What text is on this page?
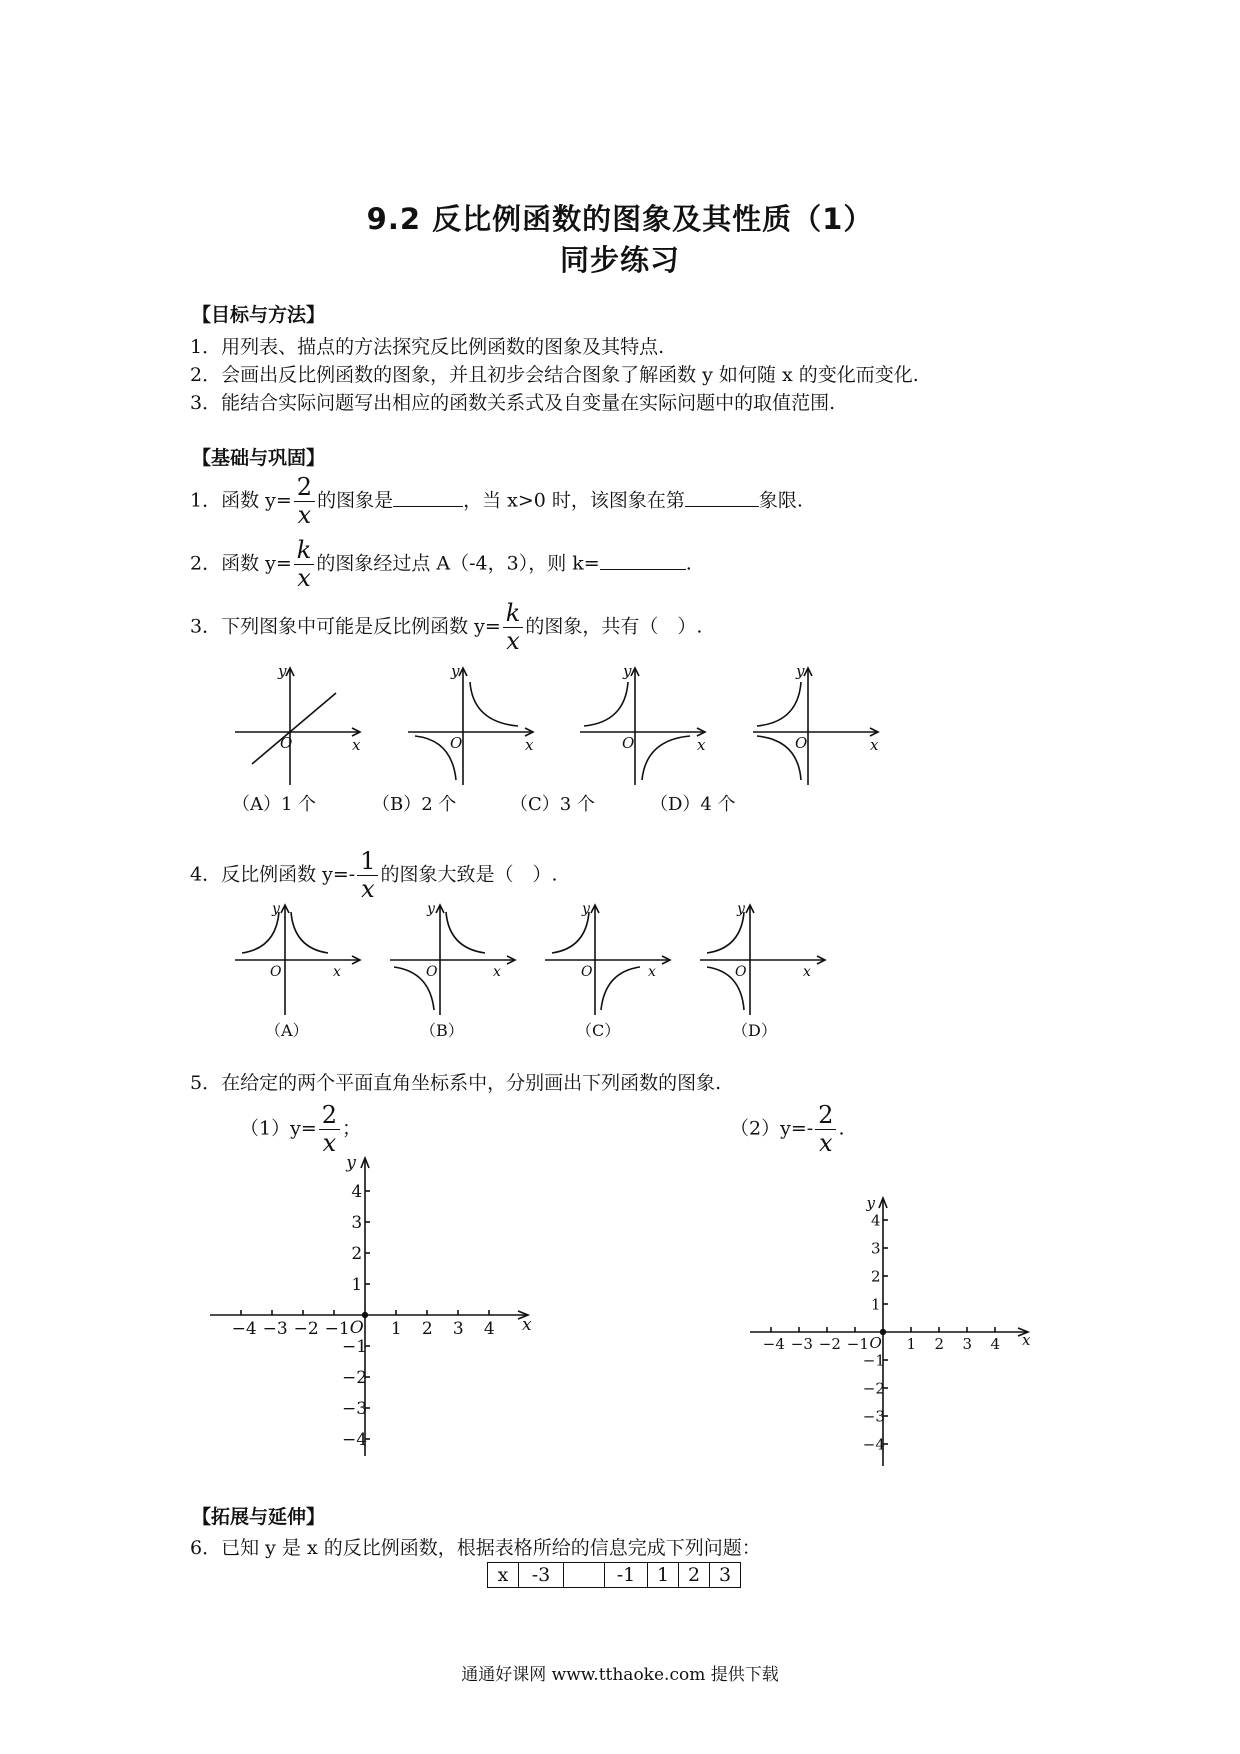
9.2 反比例函数的图象及其性质（1）
同步练习
【目标与方法】
1．用列表、描点的方法探究反比例函数的图象及其特点.
2．会画出反比例函数的图象，并且初步会结合图象了解函数 y 如何随 x 的变化而变化.
3．能结合实际问题写出相应的函数关系式及自变量在实际问题中的取值范围.
【基础与巩固】
1．函数 $y= \frac{2}{x}$ 的图象是	，当 x>0 时，该图象在第	象限.
2．函数 $y= \frac{k}{x}$ 的图象经过点 A（-4，3），则 k=	.
3．下列图象中可能是反比例函数 $y= \frac{k}{x}$ 的图象，共有（　）.
y
O	x
y
O	x
y
O	x
y
O	x
（A）1 个	（B）2 个	（C）3 个	（D）4 个
4．反比例函数 $y=- \frac{1}{x}$ 的图象大致是（　）.
y
O	x
y
O	x
y
O	x
y
O	x
（A）	（B）	（C）	（D）
5．在给定的两个平面直角坐标系中，分别画出下列函数的图象.
$(1)y= \frac{2}{x}$ ；	$(2)y=- \frac{2}{x}$ .
−4 −3 −2 −1 1 2 3 4
4
3
2
1
−1
−2
−3
−4
O
y
x
−4 −3 −2 −1	1 2 3 4
4
3
2
1
−1
−2
−3
−4
O
y
x
【拓展与延伸】
6．已知 y 是 x 的反比例函数，根据表格所给的信息完成下列问题：
x	-3		-1	1	2	3
通通好课网 www.tthaoke.com 提供下载
